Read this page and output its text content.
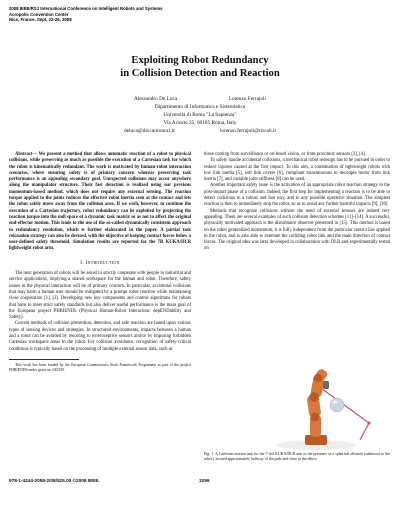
2008 IEEE/RSJ International Conference on Intelligent Robots and Systems
Acropolis Convention Center
Nice, France, Sept, 22-26, 2008
Exploiting Robot Redundancy
in Collision Detection and Reaction
Alessandro De Luca	Lorenzo Ferrajoli
Dipartimento di Informatica e Sistemistica
Università di Roma "La Sapienza"
Via Ariosto 25, 00185 Roma, Italy
deluca@dis.uniroma1.it	lorenzo.ferrajoli@tiscali.it

Abstract— We present a method that allows automatic reaction of a robot to physical collisions, while preserving as much as possible the execution of a Cartesian task for which the robot is kinematically redundant. The work is motivated by human-robot interaction scenarios, where ensuring safety is of primary concern whereas preserving task performance is an appealing secondary goal. Unexpected collisions may occur anywhere along the manipulator structure. Their fast detection is realized using our previous momentum-based method, which does not require any external sensing. The reaction torque applied to the joints reduces the effective robot inertia seen at the contact and lets the robot safely move away from the collision area. If we wish, however, to continue the execution of a Cartesian trajectory, robot redundancy can be exploited by projecting the reaction torque into the null space of a dynamic task matrix so as not to affect the original end-effector motion. This leads to the use of the so-called dynamically consistent approach to redundancy resolution, which is further elaborated in the paper. A partial task relaxation strategy can also be devised, with the objective of keeping contact forces below a user-defined safety threshold. Simulation results are reported for the 7R KUKA/DLR lightweight robot arm.

I. Introduction

The next generation of robots will be asked to strictly cooperate with people in industrial and service applications, implying a shared workspace for the human and robot. Therefore, safety issues in the physical interaction will be of primary concern. In particular, accidental collisions that may harm a human user should be mitigated by a prompt robot reaction while maintaining close cooperation [1], [2]. Developing new key components and control algorithms for robots that have to meet strict safety standards but also deliver useful performance is the main goal of the European project PHRIENDS (Physical Human-Robot Interaction: depENDability and Safety).

Current methods of collision prevention, detection, and safe reaction are based upon various types of sensing devices and strategies. In structured environments, impacts between a human and a robot can be avoided by resorting to exteroceptive sensors and/or by imposing forbidden Cartesian workspace areas to the robot. For collision avoidance, recognition of safety-critical conditions is typically based on the processing of multiple external sensor data, such as

This work has been funded by the European Commission's Sixth Framework Programme as part of the project PHRIENDS under grant no. 045359.

those coming from surveillance or on-board vision, or from proximity sensors [3], [4].

To safely handle accidental collisions, a mechanical robot redesign has to be pursued in order to reduce injuries caused at the first impact. To this aim, a combination of lightweight robots with low link inertia [5], soft link covers [6], compliant transmissions to decouple motor from link inertia [7], and variable joint stiffness [8] can be used.

Another important safety issue is the activation of an appropriate robot reaction strategy in the post-impact phase of a collision. Indeed, the first step for implementing a reaction is to be able to detect collisions in a robust and fast way, and in any possible operative situation. The simplest reaction is then to immediately stop the robot, so as to avoid any further harmful impacts [9], [10].

Methods that recognize collisions without the need of external sensors are indeed very appealing. There are several examples of such collision detection schemes [11]–[14]. A successful, physically motivated approach is the disturbance observer presented in [15]. This method is based on the robot generalized momentum, it is fully independent from the particular control law applied to the robot, and is also able to estimate the colliding robot link and the main direction of contact forces. The original idea was later developed in collaboration with DLR and experimentally tested on

Fig. 1. A Cartesian motion task for the 7-dof KUKA/DLR arm in the presence of a spherical obstacle (unknown to the robot), located approximately halfway of the path and close to the elbow
978-1-4244-2058-2/08/$25.00 ©2008 IEEE.	3299
